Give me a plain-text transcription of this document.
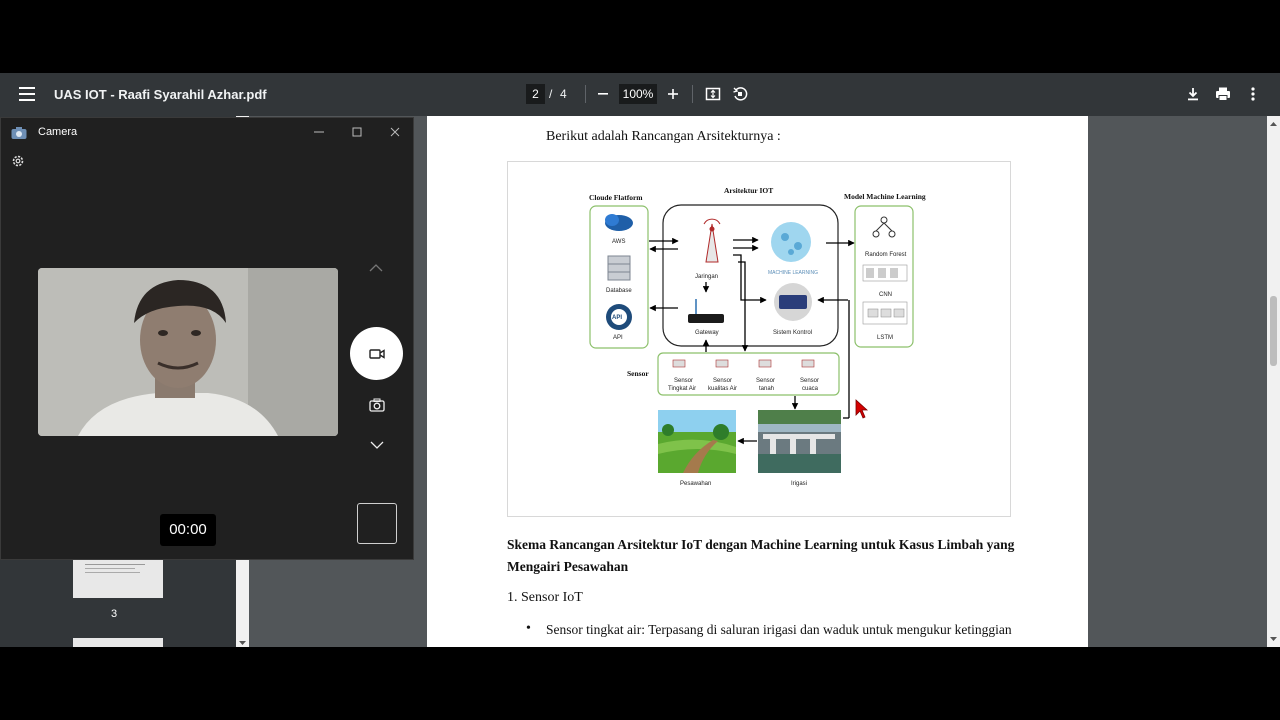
UAS IOT - Raafi Syarahil Azhar.pdf	2 / 4	100%
3
Berikut adalah Rancangan Arsitekturnya :
Cloude Flatform
Arsitektur IOT
Model Machine Learning
AWS
Database
API
API
Jaringan
MACHINE LEARNING
Gateway	Sistem Kontrol
Random Forest
CNN
LSTM
Sensor
Sensor
Tingkat Air
Sensor
kualitas Air
Sensor
tanah
Sensor
cuaca
Pesawahan	Irigasi
Skema Rancangan Arsitektur IoT dengan Machine Learning untuk Kasus Limbah yang Mengairi Pesawahan
1. Sensor IoT
• Sensor tingkat air: Terpasang di saluran irigasi dan waduk untuk mengukur ketinggian
Camera
00:00
